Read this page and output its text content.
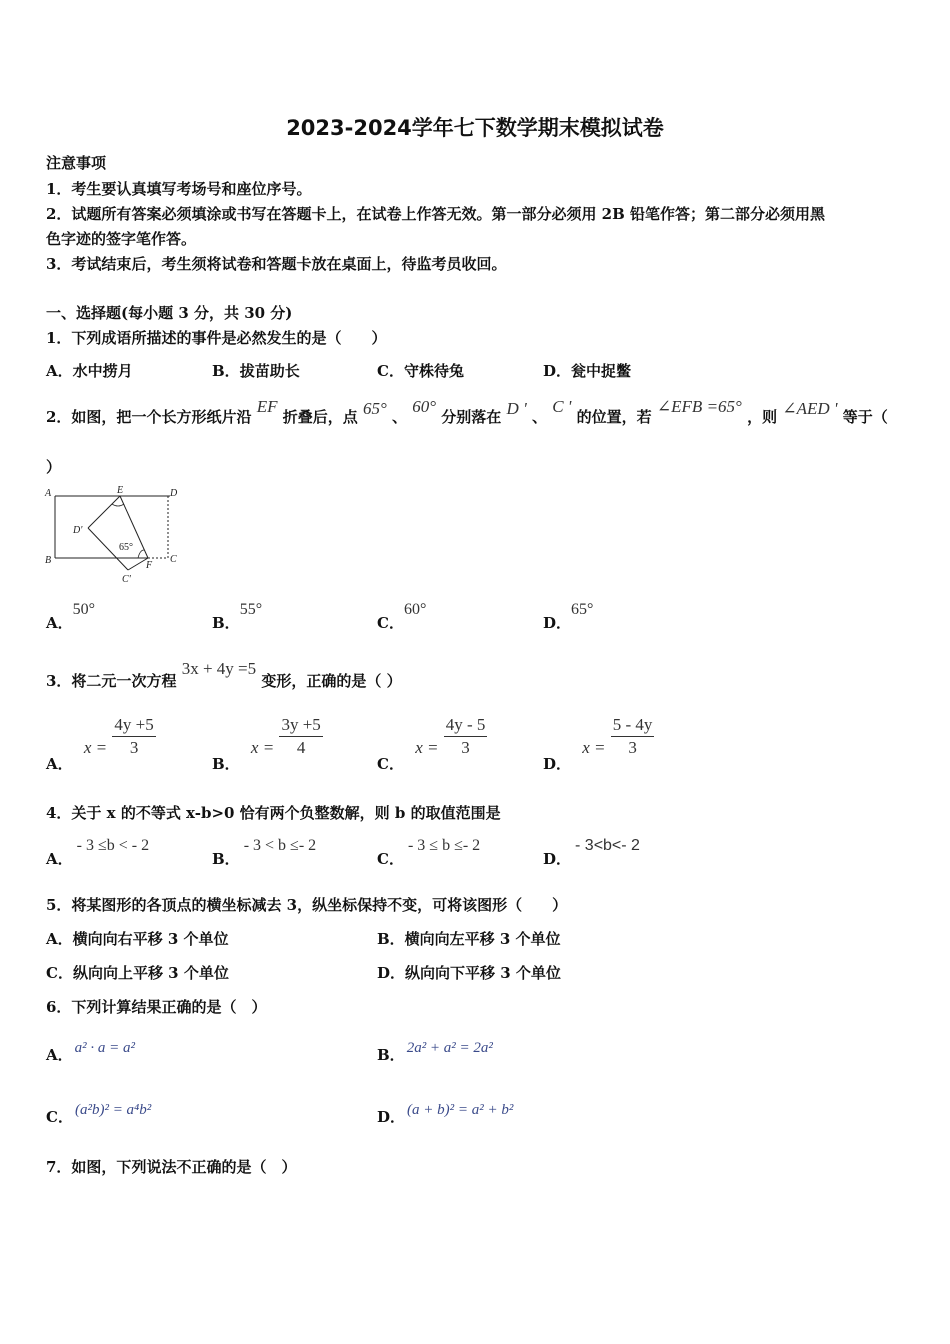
2023-2024学年七下数学期末模拟试卷
注意事项
1．考生要认真填写考场号和座位序号。
2．试题所有答案必须填涂或书写在答题卡上，在试卷上作答无效。第一部分必须用 2B 铅笔作答；第二部分必须用黑
色字迹的签字笔作答。
3．考试结束后，考生须将试卷和答题卡放在桌面上，待监考员收回。
一、选择题(每小题 3 分，共 30 分)
1．下列成语所描述的事件是必然发生的是（　　）
A．水中捞月	B．拔苗助长	C．守株待兔	D．瓮中捉鳖
2．如图，把一个长方形纸片沿 EF 折叠后，点 65° 、 60° 分别落在 D ' 、 C ' 的位置，若 ∠EFB =65° ，则 ∠AED ' 等于（
）
A	E	D
D'
B	F
C
C'
65°
A．50°
B．55°
C．60°
D．65°
3．将二元一次方程 3x + 4y =5 变形，正确的是（ ）
A． $x = \frac{4y +5}{3}$
B． $x = \frac{3y +5}{4}$
C． $x = \frac{4y - 5}{3}$
D． $x = \frac{5 - 4y}{3}$
4．关于 x 的不等式 x-b>0 恰有两个负整数解，则 b 的取值范围是
A．- 3 ≤b < - 2
B．- 3 < b ≤- 2
C．- 3 ≤ b ≤- 2
D．- 3<b<- 2
5．将某图形的各顶点的横坐标减去 3，纵坐标保持不变，可将该图形（　　）
A．横向向右平移 3 个单位	B．横向向左平移 3 个单位
C．纵向向上平移 3 个单位	D．纵向向下平移 3 个单位
6．下列计算结果正确的是（　）
A． a² · a = a²	B． 2a² + a² = 2a²
C． (a²b)² = a⁴b²	D． (a + b)² = a² + b²
7．如图，下列说法不正确的是（　）
